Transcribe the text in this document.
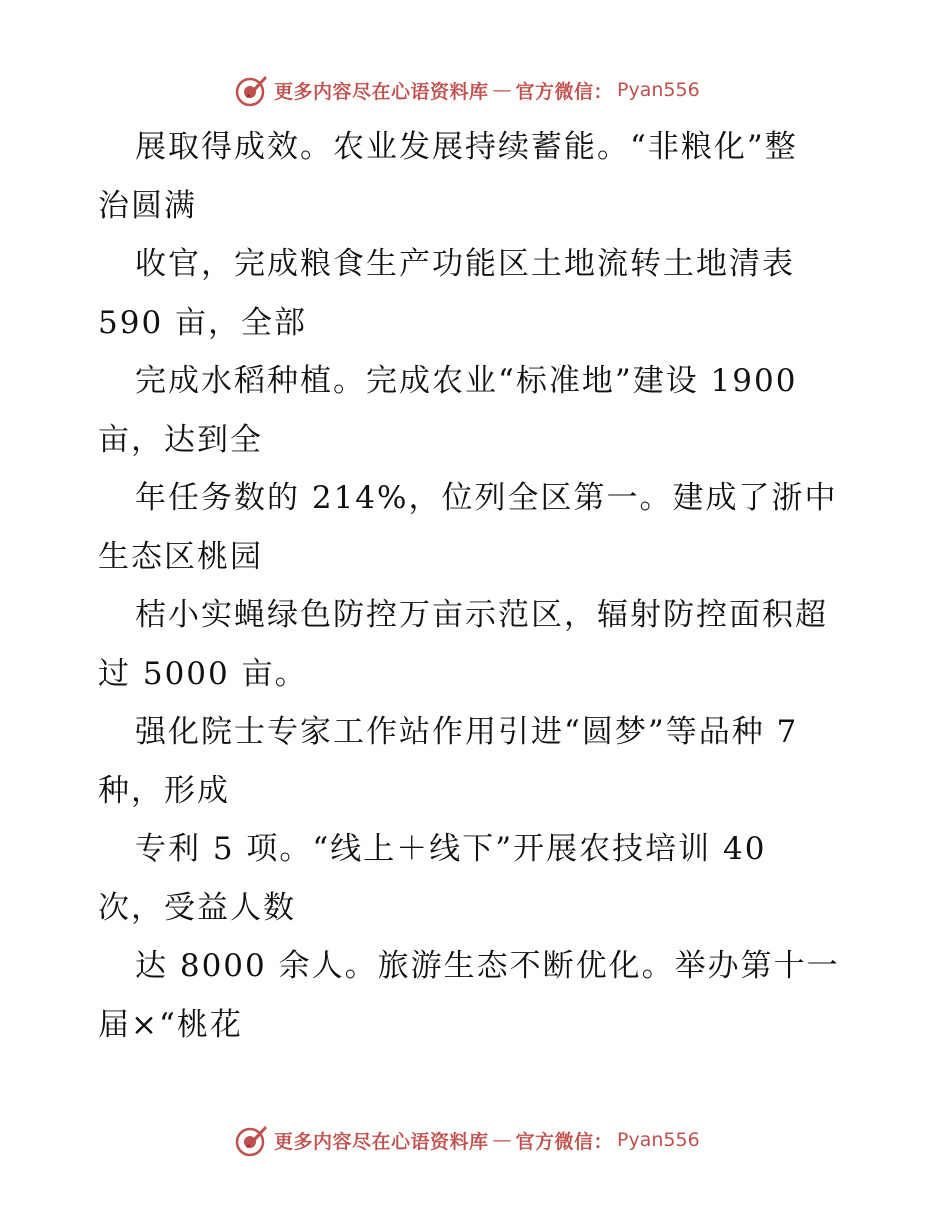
更多内容尽在心语资料库 — 官方微信： Pyan556
展取得成效。农业发展持续蓄能。“非粮化”整
治圆满
收官，完成粮食生产功能区土地流转土地清表
590 亩，全部
完成水稻种植。完成农业“标准地”建设 1900
亩，达到全
年任务数的 214%，位列全区第一。建成了浙中
生态区桃园
桔小实蝇绿色防控万亩示范区，辐射防控面积超
过 5000 亩。
强化院士专家工作站作用引进“圆梦”等品种 7
种，形成
专利 5 项。“线上＋线下”开展农技培训 40
次，受益人数
达 8000 余人。旅游生态不断优化。举办第十一
届×“桃花
更多内容尽在心语资料库 — 官方微信： Pyan556
